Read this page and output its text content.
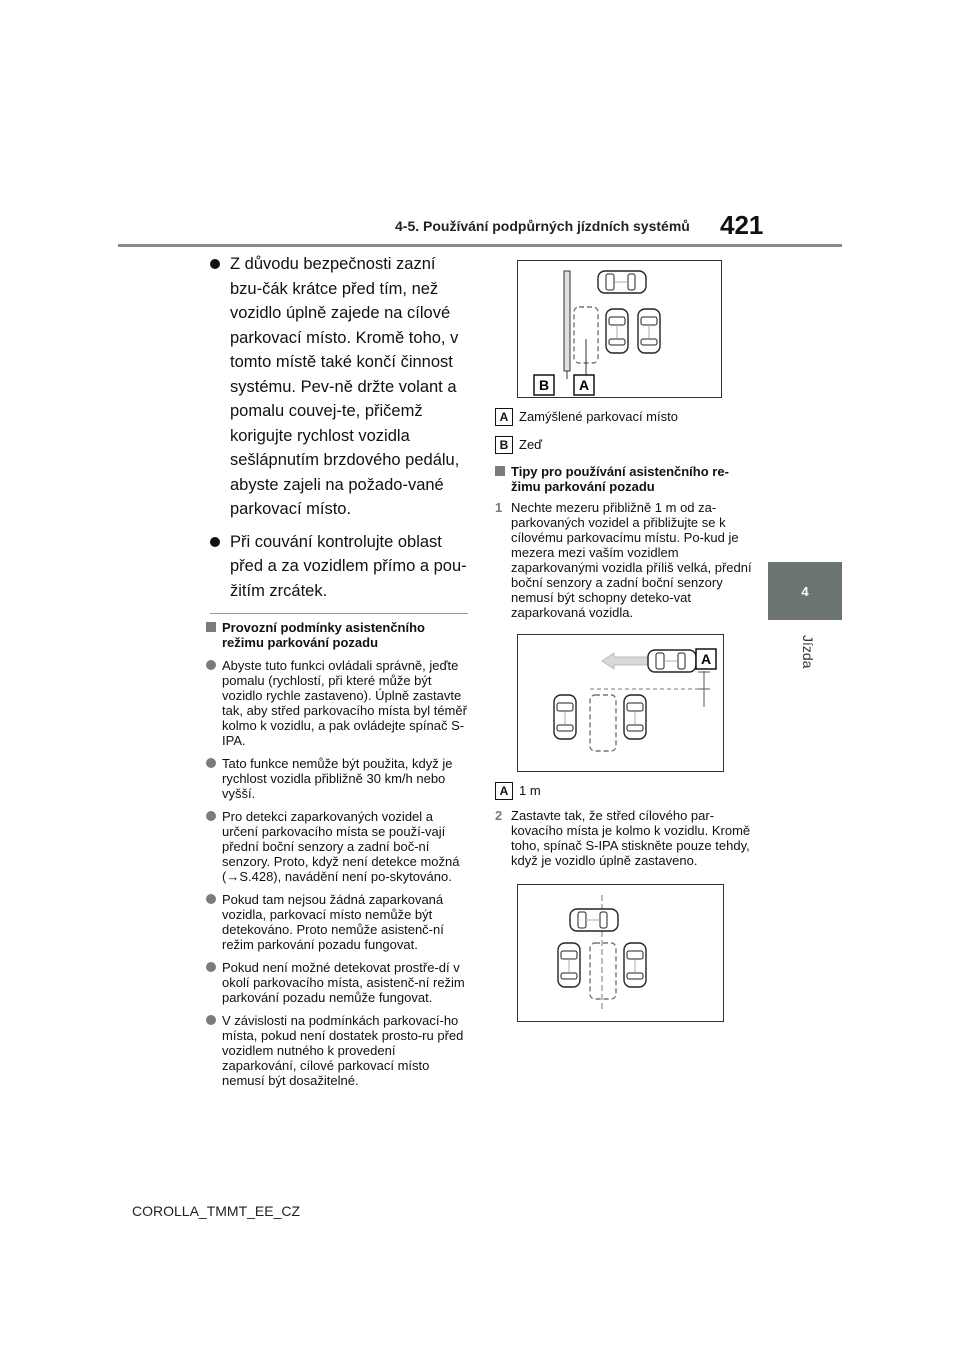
4-5. Používání podpůrných jízdních systémů 421
4
Jízda
Z důvodu bezpečnosti zazní bzu-čák krátce před tím, než vozidlo úplně zajede na cílové parkovací místo. Kromě toho, v tomto místě také končí činnost systému. Pev-ně držte volant a pomalu couvej-te, přičemž korigujte rychlost vozidla sešlápnutím brzdového pedálu, abyste zajeli na požado-vané parkovací místo.
Při couvání kontrolujte oblast před a za vozidlem přímo a pou-žitím zrcátek.
Provozní podmínky asistenčního režimu parkování pozadu
Abyste tuto funkci ovládali správně, jeďte pomalu (rychlostí, při které může být vozidlo rychle zastaveno). Úplně zastavte tak, aby střed parkovacího místa byl téměř kolmo k vozidlu, a pak ovládejte spínač S-IPA.
Tato funkce nemůže být použita, když je rychlost vozidla přibližně 30 km/h nebo vyšší.
Pro detekci zaparkovaných vozidel a určení parkovacího místa se použí-vají přední boční senzory a zadní boč-ní senzory. Proto, když není detekce možná (→S.428), navádění není po-skytováno.
Pokud tam nejsou žádná zaparkovaná vozidla, parkovací místo nemůže být detekováno. Proto nemůže asistenč-ní režim parkování pozadu fungovat.
Pokud není možné detekovat prostře-dí v okolí parkovacího místa, asistenč-ní režim parkování pozadu nemůže fungovat.
V závislosti na podmínkách parkovací-ho místa, pokud není dostatek prosto-ru před vozidlem nutného k provedení zaparkování, cílové parkovací místo nemusí být dosažitelné.
B A
A Zamýšlené parkovací místo
B Zeď
Tipy pro používání asistenčního re-žimu parkování pozadu
1 Nechte mezeru přibližně 1 m od za-parkovaných vozidel a přibližujte se k cílovému parkovacímu místu. Po-kud je mezera mezi vaším vozidlem zaparkovanými vozidla příliš velká, přední boční senzory a zadní boční senzory nemusí být schopny deteko-vat zaparkovaná vozidla.
A
A 1 m
2 Zastavte tak, že střed cílového par-kovacího místa je kolmo k vozidlu. Kromě toho, spínač S-IPA stiskněte pouze tehdy, když je vozidlo úplně zastaveno.
COROLLA_TMMT_EE_CZ
